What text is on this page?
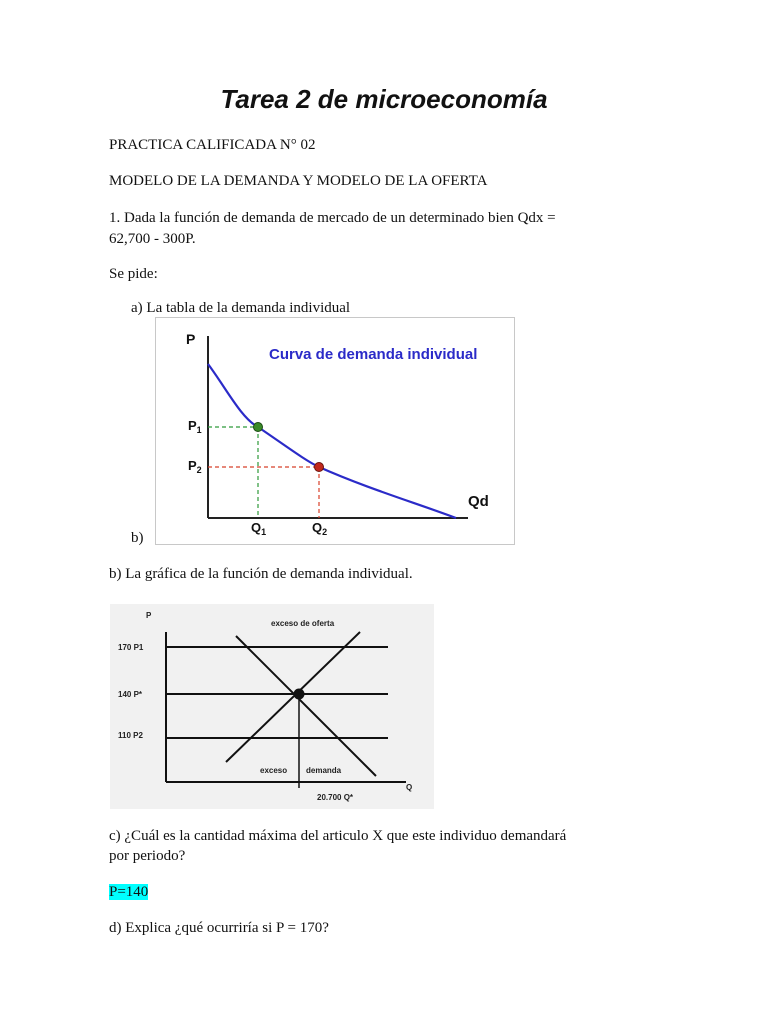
Tarea 2 de microeconomía
PRACTICA CALIFICADA N° 02
MODELO DE LA DEMANDA Y MODELO DE LA OFERTA
1. Dada la función de demanda de mercado de un determinado bien Qdx =
62,700 - 300P.
Se pide:
a) La tabla de la demanda individual
Curva de demanda individual
P
Qd
$P_1$
$P_2$
$Q_1$	$Q_2$
b)
b) La gráfica de la función de demanda individual.
P
Q
exceso de oferta
170 P1
140 P*
110 P2
exceso demanda
20.700 Q*
c) ¿Cuál es la cantidad máxima del articulo X que este individuo demandará
por periodo?
P=140
d) Explica ¿qué ocurriría si P = 170?
